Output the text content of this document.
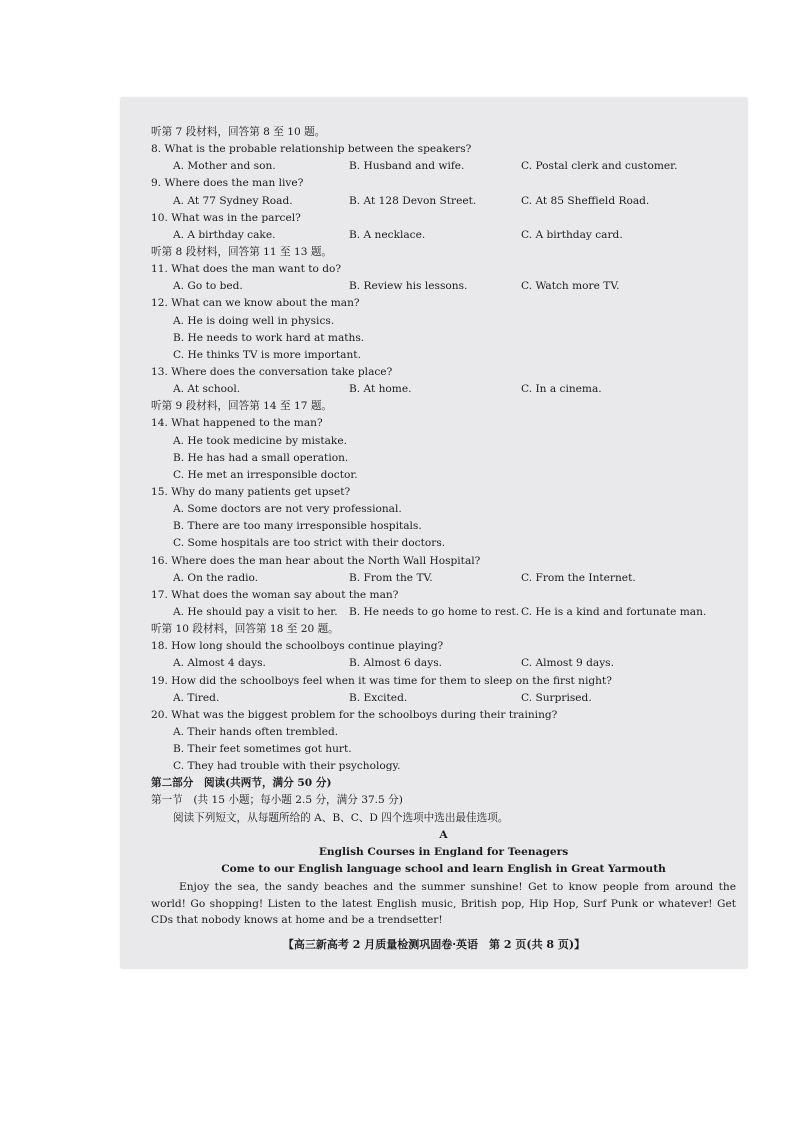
听第 7 段材料，回答第 8 至 10 题。
8. What is the probable relationship between the speakers?
A. Mother and son.	B. Husband and wife.	C. Postal clerk and customer.
9. Where does the man live?
A. At 77 Sydney Road.	B. At 128 Devon Street.	C. At 85 Sheffield Road.
10. What was in the parcel?
A. A birthday cake.	B. A necklace.	C. A birthday card.
听第 8 段材料，回答第 11 至 13 题。
11. What does the man want to do?
A. Go to bed.	B. Review his lessons.	C. Watch more TV.
12. What can we know about the man?
A. He is doing well in physics.
B. He needs to work hard at maths.
C. He thinks TV is more important.
13. Where does the conversation take place?
A. At school.	B. At home.	C. In a cinema.
听第 9 段材料，回答第 14 至 17 题。
14. What happened to the man?
A. He took medicine by mistake.
B. He has had a small operation.
C. He met an irresponsible doctor.
15. Why do many patients get upset?
A. Some doctors are not very professional.
B. There are too many irresponsible hospitals.
C. Some hospitals are too strict with their doctors.
16. Where does the man hear about the North Wall Hospital?
A. On the radio.	B. From the TV.	C. From the Internet.
17. What does the woman say about the man?
A. He should pay a visit to her. B. He needs to go home to rest. C. He is a kind and fortunate man.
听第 10 段材料，回答第 18 至 20 题。
18. How long should the schoolboys continue playing?
A. Almost 4 days.	B. Almost 6 days.	C. Almost 9 days.
19. How did the schoolboys feel when it was time for them to sleep on the first night?
A. Tired.	B. Excited.	C. Surprised.
20. What was the biggest problem for the schoolboys during their training?
A. Their hands often trembled.
B. Their feet sometimes got hurt.
C. They had trouble with their psychology.
第二部分　阅读(共两节，满分 50 分)
第一节　(共 15 小题；每小题 2.5 分，满分 37.5 分)
阅读下列短文，从每题所给的 A、B、C、D 四个选项中选出最佳选项。
A
English Courses in England for Teenagers
Come to our English language school and learn English in Great Yarmouth

Enjoy the sea, the sandy beaches and the summer sunshine! Get to know people from around the world! Go shopping! Listen to the latest English music, British pop, Hip Hop, Surf Punk or whatever! Get CDs that nobody knows at home and be a trendsetter!

【高三新高考 2 月质量检测巩固卷·英语　第 2 页(共 8 页)】
